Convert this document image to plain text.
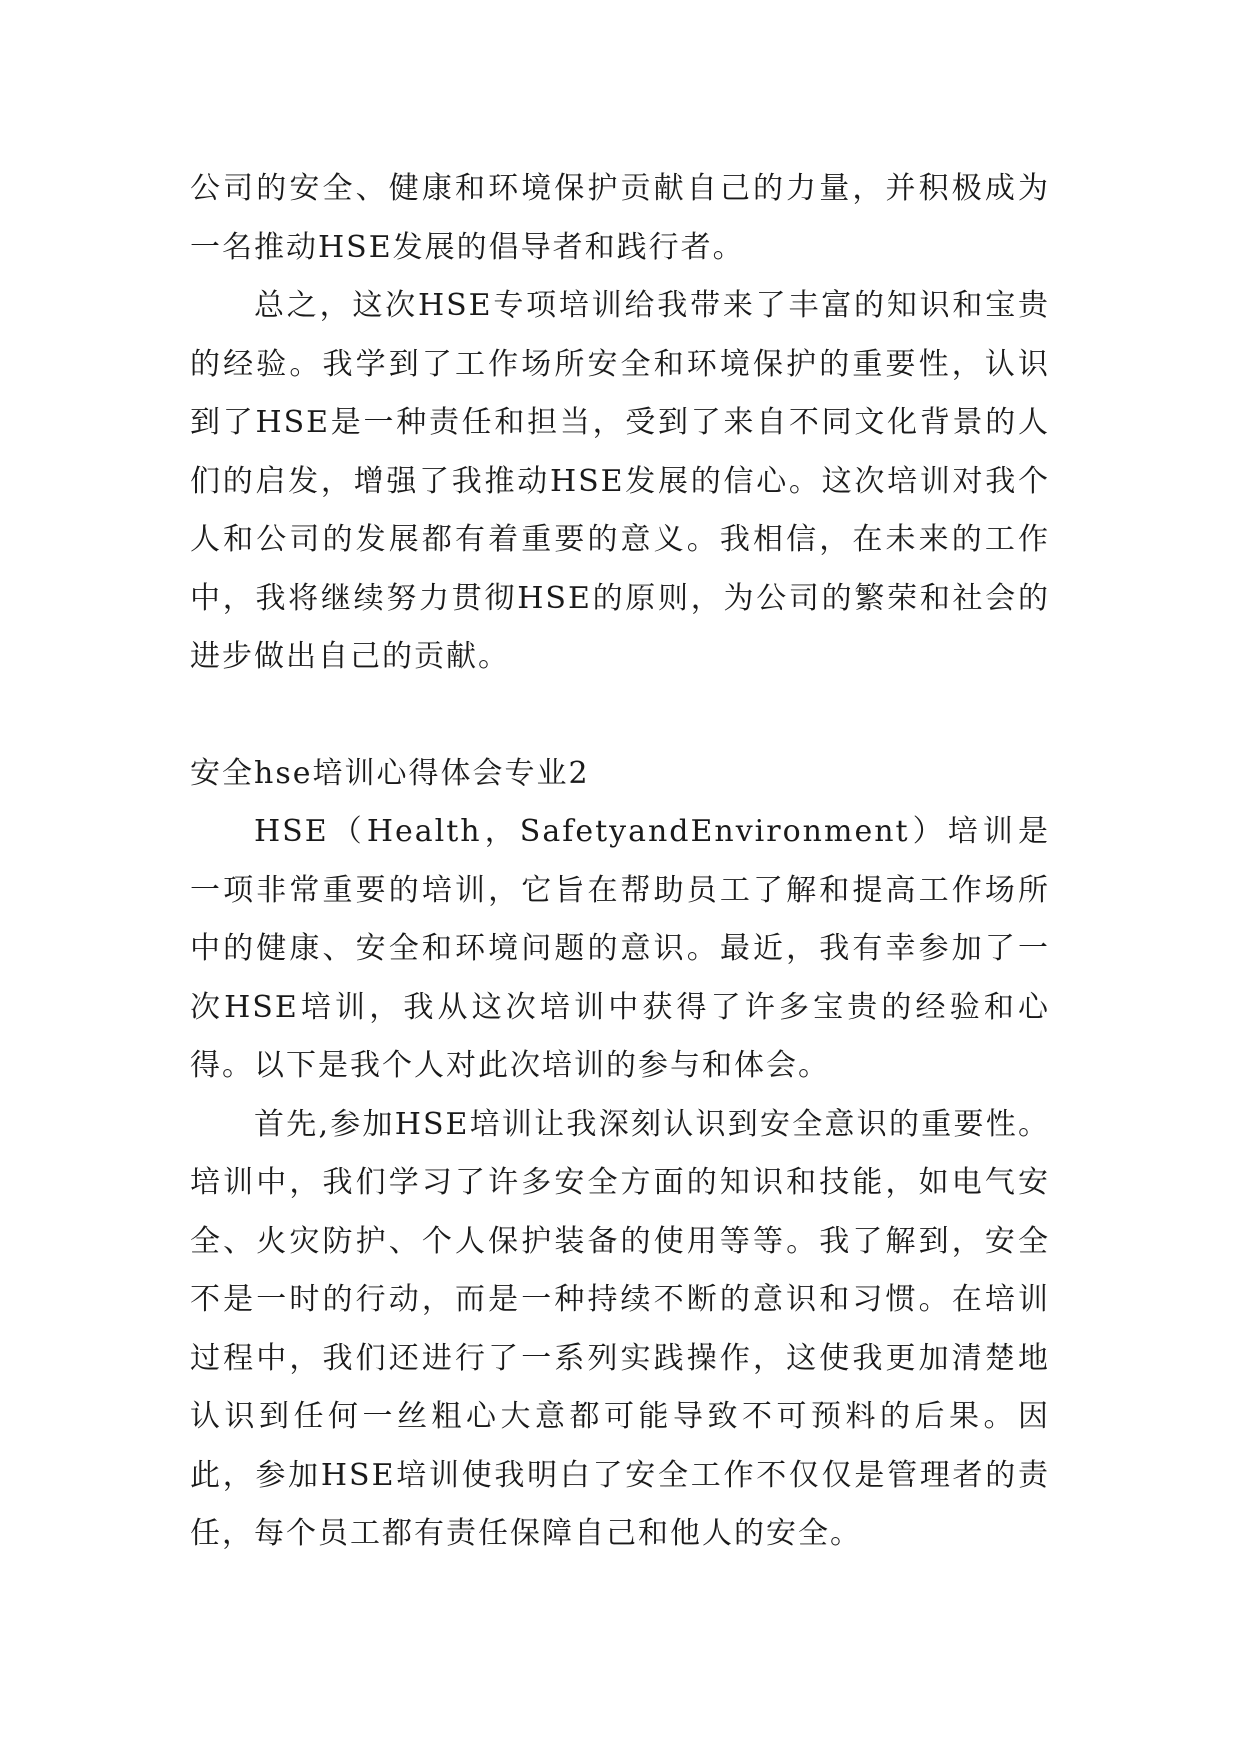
公司的安全、健康和环境保护贡献自己的力量，并积极成为一名推动HSE发展的倡导者和践行者。

总之，这次HSE专项培训给我带来了丰富的知识和宝贵的经验。我学到了工作场所安全和环境保护的重要性，认识到了HSE是一种责任和担当，受到了来自不同文化背景的人们的启发，增强了我推动HSE发展的信心。这次培训对我个人和公司的发展都有着重要的意义。我相信，在未来的工作中，我将继续努力贯彻HSE的原则，为公司的繁荣和社会的进步做出自己的贡献。

安全hse培训心得体会专业2

HSE（Health，SafetyandEnvironment）培训是一项非常重要的培训，它旨在帮助员工了解和提高工作场所中的健康、安全和环境问题的意识。最近，我有幸参加了一次HSE培训，我从这次培训中获得了许多宝贵的经验和心得。以下是我个人对此次培训的参与和体会。

首先,参加HSE培训让我深刻认识到安全意识的重要性。培训中，我们学习了许多安全方面的知识和技能，如电气安全、火灾防护、个人保护装备的使用等等。我了解到，安全不是一时的行动，而是一种持续不断的意识和习惯。在培训过程中，我们还进行了一系列实践操作，这使我更加清楚地认识到任何一丝粗心大意都可能导致不可预料的后果。因此，参加HSE培训使我明白了安全工作不仅仅是管理者的责任，每个员工都有责任保障自己和他人的安全。
